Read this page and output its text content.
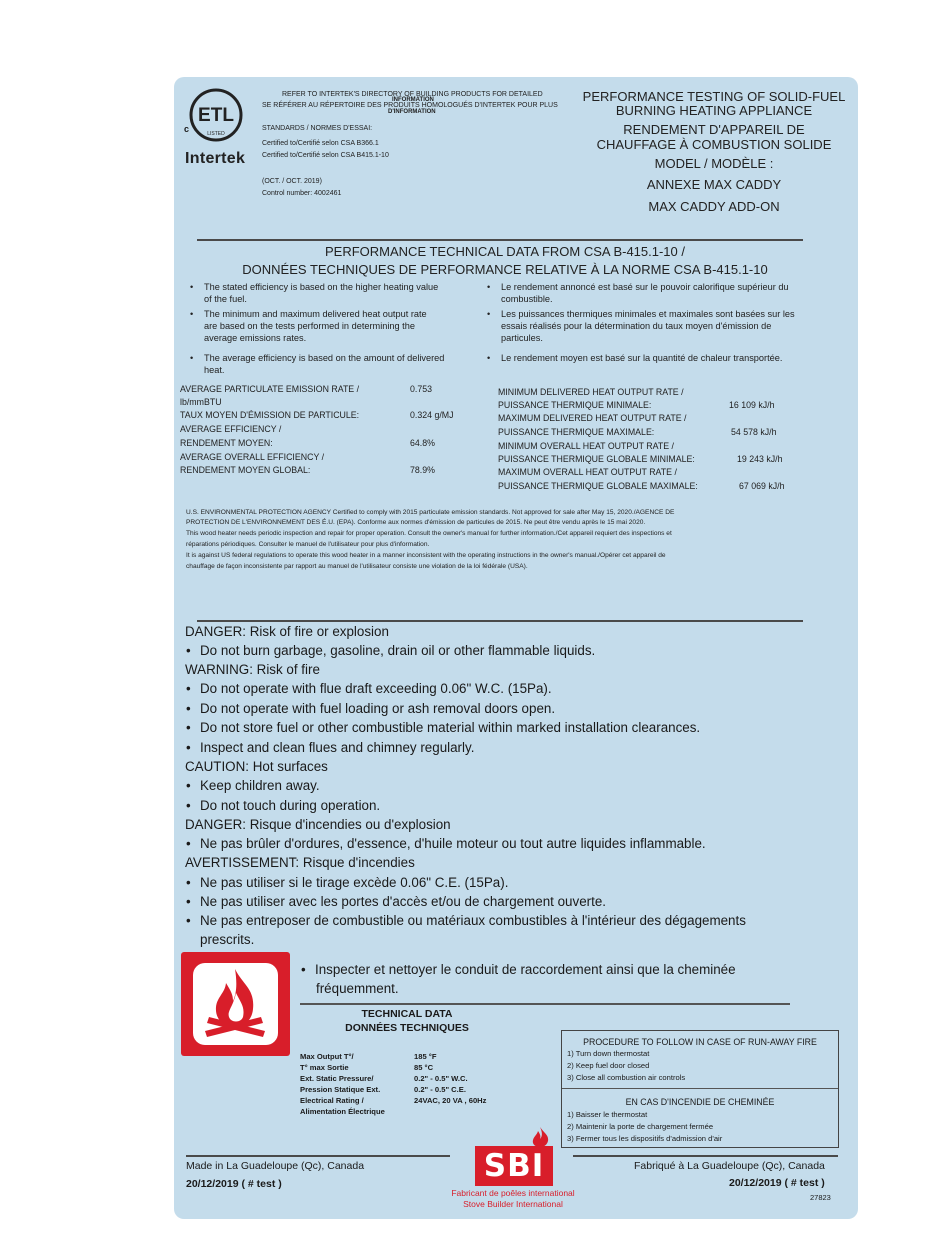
ETL
LISTED
c
Intertek
REFER TO INTERTEK'S DIRECTORY OF BUILDING PRODUCTS FOR DETAILED
SE RÉFÉRER AU RÉPERTOIRE DES PRODUITS HOMOLOGUÉS D'INTERTEK POUR PLUS
INFORMATION
D'INFORMATION
STANDARDS / NORMES D'ESSAI:
Certified to/Certifié selon CSA B366.1
Certified to/Certifié selon CSA B415.1-10
(OCT. / OCT. 2019)
Control number: 4002461
PERFORMANCE TESTING OF SOLID-FUEL
BURNING HEATING APPLIANCE
RENDEMENT D'APPAREIL DE
CHAUFFAGE À COMBUSTION SOLIDE
MODEL / MODÈLE :
ANNEXE MAX CADDY
MAX CADDY ADD-ON
PERFORMANCE TECHNICAL DATA FROM CSA B-415.1-10 /
DONNÉES TECHNIQUES DE PERFORMANCE RELATIVE À LA NORME CSA B-415.1-10
• The stated efficiency is based on the higher heating value
of the fuel.
• The minimum and maximum delivered heat output rate
are based on the tests performed in determining the
average emissions rates.
• The average efficiency is based on the amount of delivered
heat.
• Le rendement annoncé est basé sur le pouvoir calorifique supérieur du
combustible.
• Les puissances thermiques minimales et maximales sont basées sur les
essais réalisés pour la détermination du taux moyen d'émission de
particules.
• Le rendement moyen est basé sur la quantité de chaleur transportée.
AVERAGE PARTICULATE EMISSION RATE /	0.753
lb/mmBTU
TAUX MOYEN D'ÉMISSION DE PARTICULE:	0.324 g/MJ
AVERAGE EFFICIENCY /
RENDEMENT MOYEN:	64.8%
AVERAGE OVERALL EFFICIENCY /
RENDEMENT MOYEN GLOBAL:	78.9%
MINIMUM DELIVERED HEAT OUTPUT RATE /
PUISSANCE THERMIQUE MINIMALE:	16 109 kJ/h
MAXIMUM DELIVERED HEAT OUTPUT RATE /
PUISSANCE THERMIQUE MAXIMALE:	54 578 kJ/h
MINIMUM OVERALL HEAT OUTPUT RATE /
PUISSANCE THERMIQUE GLOBALE MINIMALE:	19 243 kJ/h
MAXIMUM OVERALL HEAT OUTPUT RATE /
PUISSANCE THERMIQUE GLOBALE MAXIMALE:	67 069 kJ/h
U.S. ENVIRONMENTAL PROTECTION AGENCY Certified to comply with 2015 particulate emission standards. Not approved for sale after May 15, 2020./AGENCE DE
PROTECTION DE L'ENVIRONNEMENT DES É.U. (EPA). Conforme aux normes d'émission de particules de 2015. Ne peut être vendu après le 15 mai 2020.
This wood heater needs periodic inspection and repair for proper operation. Consult the owner's manual for further information./Cet appareil requiert des inspections et
réparations périodiques. Consulter le manuel de l'utilisateur pour plus d'information.
It is against US federal regulations to operate this wood heater in a manner inconsistent with the operating instructions in the owner's manual./Opérer cet appareil de
chauffage de façon inconsistente par rapport au manuel de l'utilisateur consiste une violation de la loi fédérale (USA).
DANGER: Risk of fire or explosion
• Do not burn garbage, gasoline, drain oil or other flammable liquids.
WARNING: Risk of fire
• Do not operate with flue draft exceeding 0.06" W.C. (15Pa).
• Do not operate with fuel loading or ash removal doors open.
• Do not store fuel or other combustible material within marked installation clearances.
• Inspect and clean flues and chimney regularly.
CAUTION: Hot surfaces
• Keep children away.
• Do not touch during operation.
DANGER: Risque d'incendies ou d'explosion
• Ne pas brûler d'ordures, d'essence, d'huile moteur ou tout autre liquides inflammable.
AVERTISSEMENT: Risque d'incendies
• Ne pas utiliser si le tirage excède 0.06" C.E. (15Pa).
• Ne pas utiliser avec les portes d'accès et/ou de chargement ouverte.
• Ne pas entreposer de combustible ou matériaux combustibles à l'intérieur des dégagements
prescrits.
• Inspecter et nettoyer le conduit de raccordement ainsi que la cheminée
fréquemment.
TECHNICAL DATA
DONNÉES TECHNIQUES
Max Output T°/	185 °F
T° max Sortie	85 °C
Ext. Static Pressure/	0.2" - 0.5" W.C.
Pression Statique Ext.	0.2" - 0.5" C.E.
Electrical Rating /	24VAC, 20 VA , 60Hz
Alimentation Électrique
PROCEDURE TO FOLLOW IN CASE OF RUN-AWAY FIRE
1) Turn down thermostat
2) Keep fuel door closed
3) Close all combustion air controls
EN CAS D'INCENDIE DE CHEMINÉE
1) Baisser le thermostat
2) Maintenir la porte de chargement fermée
3) Fermer tous les dispositifs d'admission d'air
Made in La Guadeloupe (Qc), Canada
20/12/2019 ( # test )
Fabriqué à La Guadeloupe (Qc), Canada
20/12/2019 ( # test )
27823
SBI
Fabricant de poêles international
Stove Builder International
